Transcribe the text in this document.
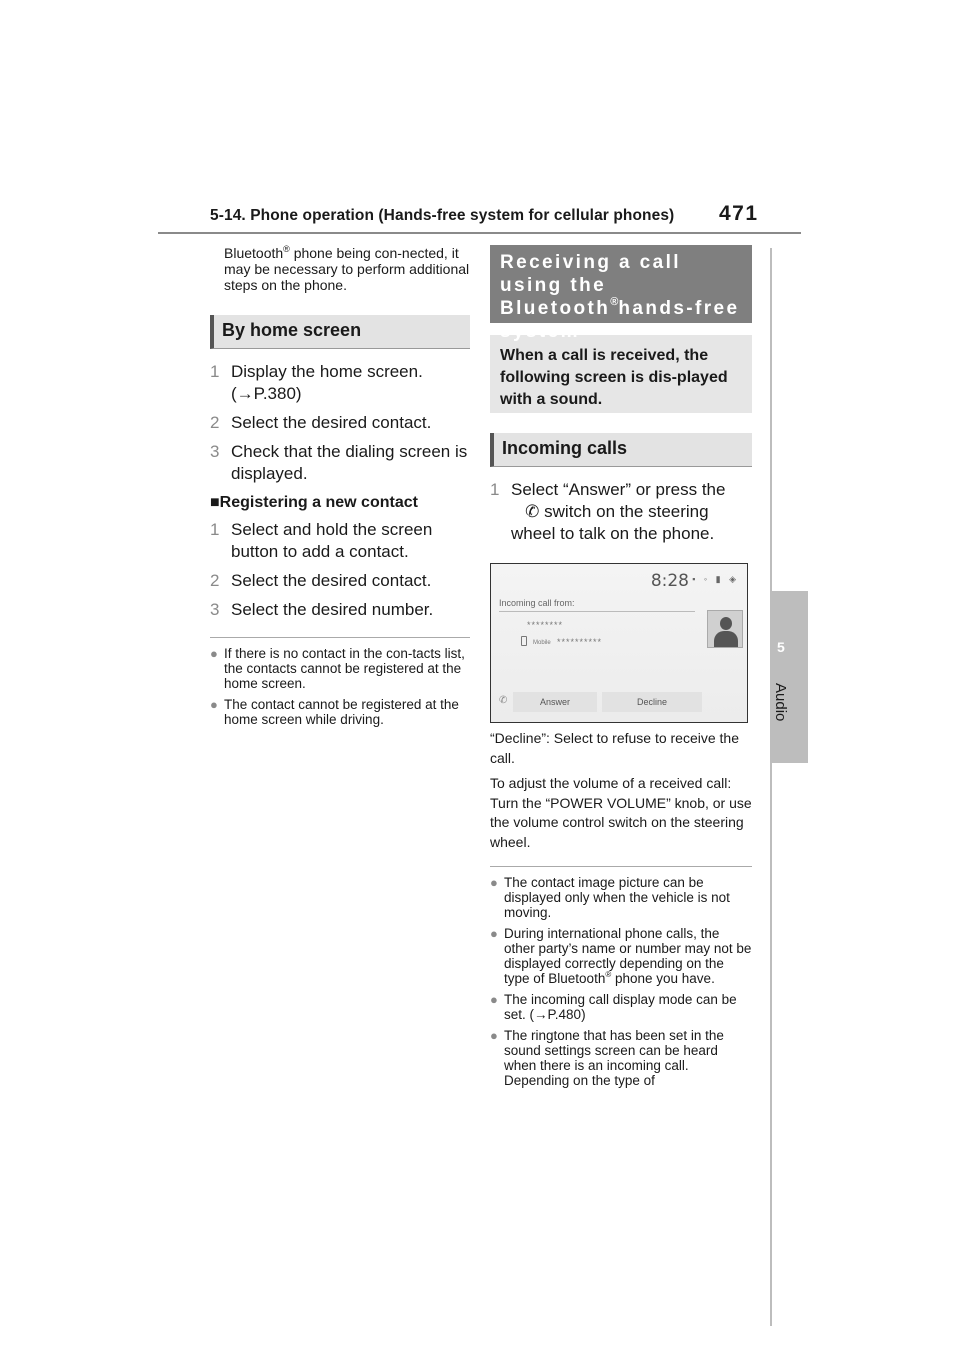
5-14. Phone operation (Hands-free system for cellular phones) 471
5
Audio

Bluetooth® phone being con-nected, it may be necessary to perform additional steps on the phone.

By home screen
1 Display the home screen.
(→P.380)
2 Select the desired contact.
3 Check that the dialing screen is displayed.
■Registering a new contact
1 Select and hold the screen button to add a contact.
2 Select the desired contact.
3 Select the desired number.
● If there is no contact in the con-tacts list, the contacts cannot be registered at the home screen.
● The contact cannot be registered at the home screen while driving.
Receiving a call using the Bluetooth®hands-free system
When a call is received, the following screen is dis-played with a sound.
Incoming calls
1 Select “Answer” or press the
✆ switch on the steering wheel to talk on the phone.
8:28 ▪ ◦ ▮ ◈
Incoming call from:
********
Mobile **********
✆	Answer	Decline

“Decline”: Select to refuse to receive the call.

To adjust the volume of a received call: Turn the “POWER VOLUME” knob, or use the volume control switch on the steering wheel.

● The contact image picture can be displayed only when the vehicle is not moving.
● During international phone calls, the other party’s name or number may not be displayed correctly depending on the type of Bluetooth® phone you have.
● The incoming call display mode can be set. (→P.480)
● The ringtone that has been set in the sound settings screen can be heard when there is an incoming call. Depending on the type of
